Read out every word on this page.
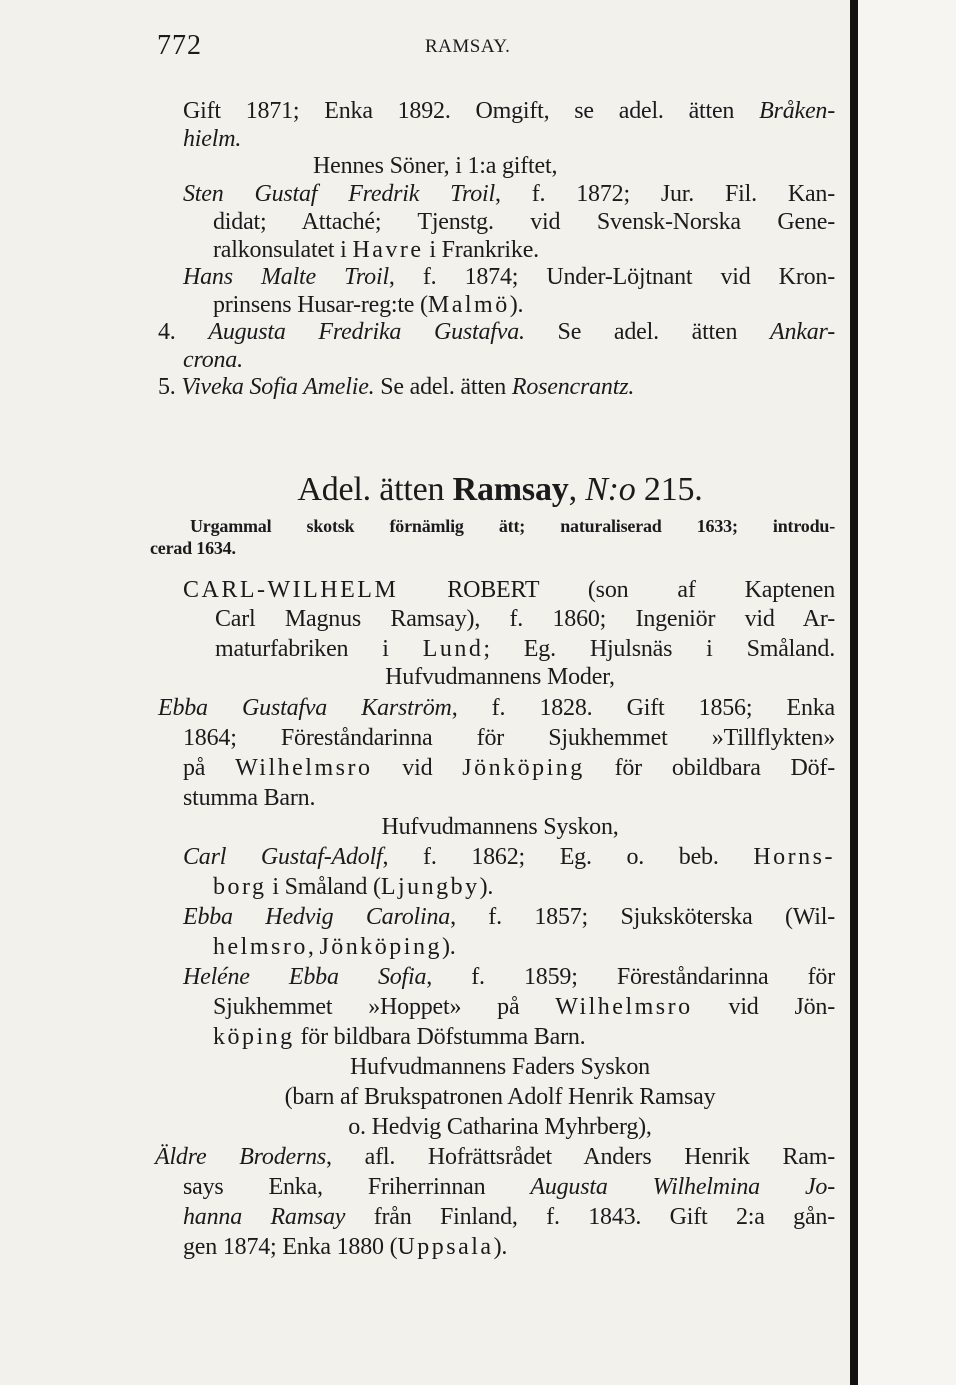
772	RAMSAY.
Gift 1871; Enka 1892. Omgift, se adel. ätten Bråken-
hielm.
Hennes Söner, i 1:a giftet,
Sten Gustaf Fredrik Troil, f. 1872; Jur. Fil. Kan-
didat; Attaché; Tjenstg. vid Svensk-Norska Gene-
ralkonsulatet i Havre i Frankrike.
Hans Malte Troil, f. 1874; Under-Löjtnant vid Kron-
prinsens Husar-reg:te (Malmö).
4. Augusta Fredrika Gustafva. Se adel. ätten Ankar-
crona.
5. Viveka Sofia Amelie. Se adel. ätten Rosencrantz.
Adel. ätten Ramsay, N:o 215.
Urgammal skotsk förnämlig ätt; naturaliserad 1633; introdu-
cerad 1634.
CARL-WILHELM ROBERT (son af Kaptenen
Carl Magnus Ramsay), f. 1860; Ingeniör vid Ar-
maturfabriken i Lund; Eg. Hjulsnäs i Småland.
Hufvudmannens Moder,
Ebba Gustafva Karström, f. 1828. Gift 1856; Enka
1864; Föreståndarinna för Sjukhemmet »Tillflykten»
på Wilhelmsro vid Jönköping för obildbara Döf-
stumma Barn.
Hufvudmannens Syskon,
Carl Gustaf-Adolf, f. 1862; Eg. o. beb. Horns-
borg i Småland (Ljungby).
Ebba Hedvig Carolina, f. 1857; Sjuksköterska (Wil-
helmsro, Jönköping).
Heléne Ebba Sofia, f. 1859; Föreståndarinna för
Sjukhemmet »Hoppet» på Wilhelmsro vid Jön-
köping för bildbara Döfstumma Barn.
Hufvudmannens Faders Syskon
(barn af Brukspatronen Adolf Henrik Ramsay
o. Hedvig Catharina Myhrberg),
Äldre Broderns, afl. Hofrättsrådet Anders Henrik Ram-
says Enka, Friherrinnan Augusta Wilhelmina Jo-
hanna Ramsay från Finland, f. 1843. Gift 2:a gån-
gen 1874; Enka 1880 (Uppsala).
